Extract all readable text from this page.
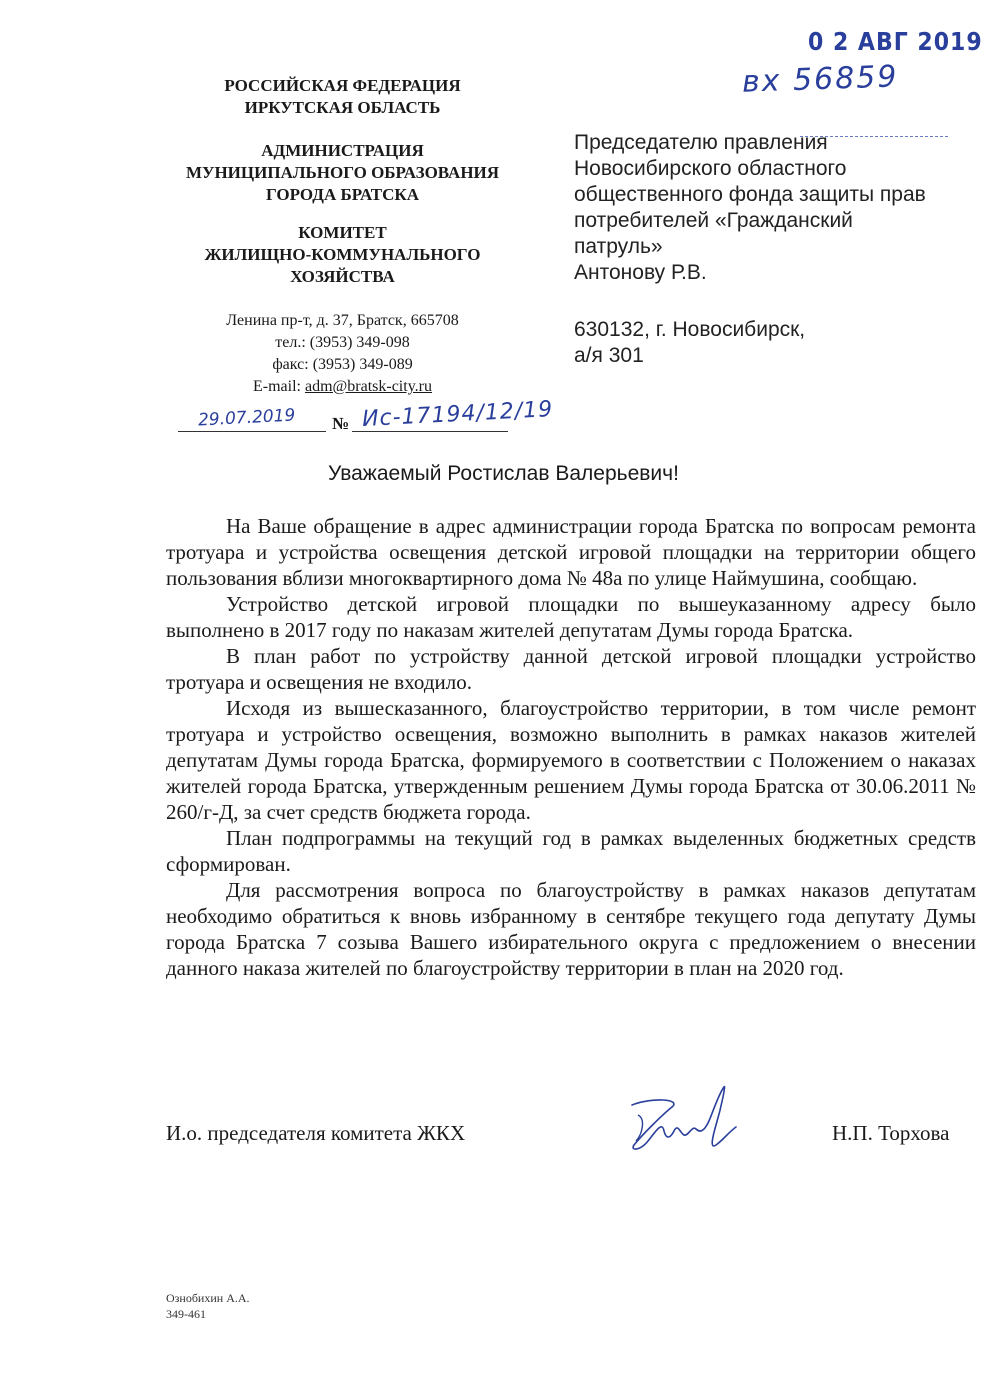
0 2 АВГ 2019
вх 56859
РОССИЙСКАЯ ФЕДЕРАЦИЯ
ИРКУТСКАЯ ОБЛАСТЬ
АДМИНИСТРАЦИЯ
МУНИЦИПАЛЬНОГО ОБРАЗОВАНИЯ
ГОРОДА БРАТСКА
КОМИТЕТ
ЖИЛИЩНО-КОММУНАЛЬНОГО
ХОЗЯЙСТВА
Ленина пр-т, д. 37, Братск, 665708
тел.: (3953) 349-098
факс: (3953) 349-089
E-mail: adm@bratsk-city.ru
29.07.2019 № Ис-17194/12/19
Председателю правления
Новосибирского областного
общественного фонда защиты прав
потребителей «Гражданский
патруль»
Антонову Р.В.
630132, г. Новосибирск,
а/я 301
Уважаемый Ростислав Валерьевич!

На Ваше обращение в адрес администрации города Братска по вопросам ремонта тротуара и устройства освещения детской игровой площадки на территории общего пользования вблизи многоквартирного дома № 48а по улице Наймушина, сообщаю.

Устройство детской игровой площадки по вышеуказанному адресу было выполнено в 2017 году по наказам жителей депутатам Думы города Братска.

В план работ по устройству данной детской игровой площадки устройство тротуара и освещения не входило.

Исходя из вышесказанного, благоустройство территории, в том числе ремонт тротуара и устройство освещения, возможно выполнить в рамках наказов жителей депутатам Думы города Братска, формируемого в соответствии с Положением о наказах жителей города Братска, утвержденным решением Думы города Братска от 30.06.2011 № 260/г-Д, за счет средств бюджета города.

План подпрограммы на текущий год в рамках выделенных бюджетных средств сформирован.

Для рассмотрения вопроса по благоустройству в рамках наказов депутатам необходимо обратиться к вновь избранному в сентябре текущего года депутату Думы города Братска 7 созыва Вашего избирательного округа с предложением о внесении данного наказа жителей по благоустройству территории в план на 2020 год.

И.о. председателя комитета ЖКХ	Н.П. Торхова
Ознобихин А.А.
349-461
